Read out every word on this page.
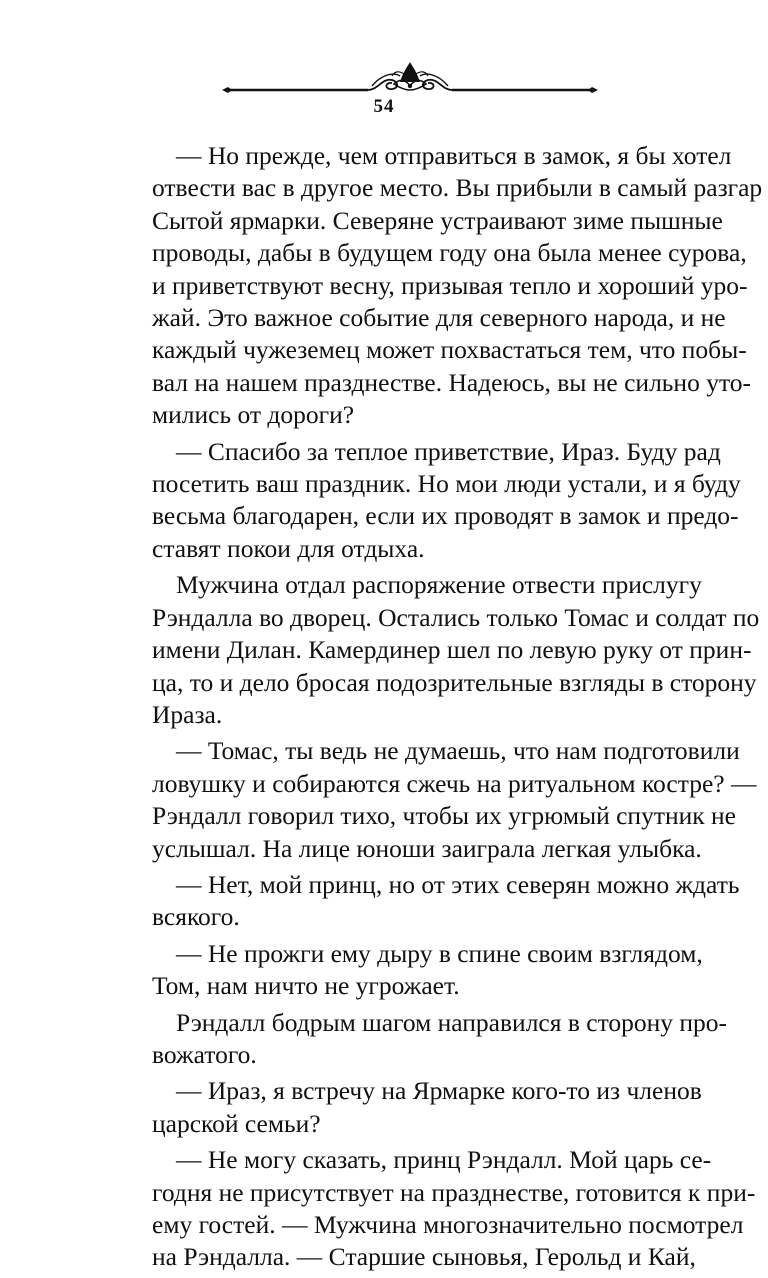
54
— Но прежде, чем отправиться в замок, я бы хотел
отвести вас в другое место. Вы прибыли в самый разгар
Сытой ярмарки. Северяне устраивают зиме пышные
проводы, дабы в будущем году она была менее сурова,
и приветствуют весну, призывая тепло и хороший уро-
жай. Это важное событие для северного народа, и не
каждый чужеземец может похвастаться тем, что побы-
вал на нашем празднестве. Надеюсь, вы не сильно уто-
мились от дороги?
— Спасибо за теплое приветствие, Ираз. Буду рад
посетить ваш праздник. Но мои люди устали, и я буду
весьма благодарен, если их проводят в замок и предо-
ставят покои для отдыха.
Мужчина отдал распоряжение отвести прислугу
Рэндалла во дворец. Остались только Томас и солдат по
имени Дилан. Камердинер шел по левую руку от прин-
ца, то и дело бросая подозрительные взгляды в сторону
Ираза.
— Томас, ты ведь не думаешь, что нам подготовили
ловушку и собираются сжечь на ритуальном костре? —
Рэндалл говорил тихо, чтобы их угрюмый спутник не
услышал. На лице юноши заиграла легкая улыбка.
— Нет, мой принц, но от этих северян можно ждать
всякого.
— Не прожги ему дыру в спине своим взглядом,
Том, нам ничто не угрожает.
Рэндалл бодрым шагом направился в сторону про-
вожатого.
— Ираз, я встречу на Ярмарке кого-то из членов
царской семьи?
— Не могу сказать, принц Рэндалл. Мой царь се-
годня не присутствует на празднестве, готовится к при-
ему гостей. — Мужчина многозначительно посмотрел
на Рэндалла. — Старшие сыновья, Герольд и Кай,
